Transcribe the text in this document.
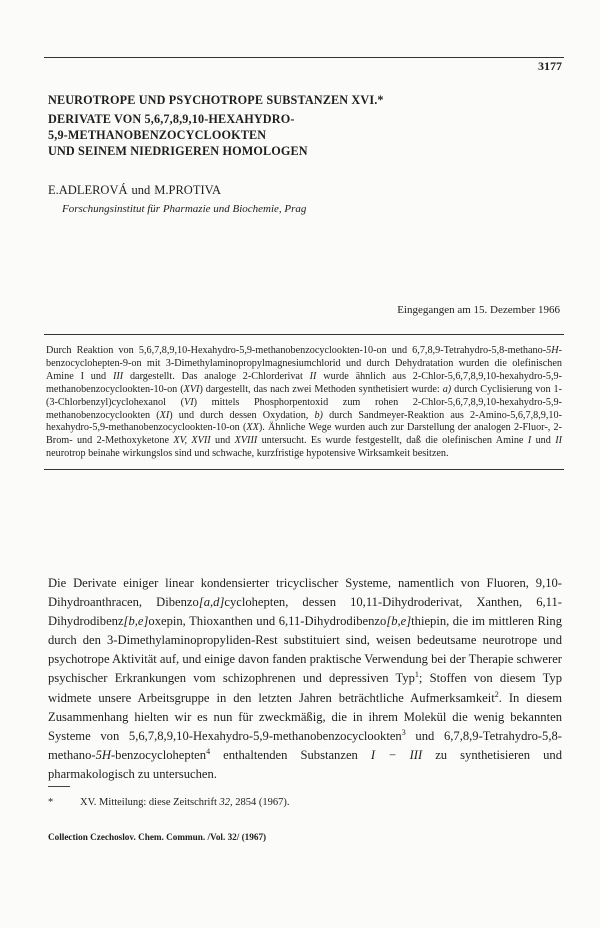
3177
NEUROTROPE UND PSYCHOTROPE SUBSTANZEN XVI.*
DERIVATE VON 5,6,7,8,9,10-HEXAHYDRO-
5,9-METHANOBENZOCYCLOOKTEN
UND SEINEM NIEDRIGEREN HOMOLOGEN
E.ADLEROVÁ und M.PROTIVA
Forschungsinstitut für Pharmazie und Biochemie, Prag
Eingegangen am 15. Dezember 1966

Durch Reaktion von 5,6,7,8,9,10-Hexahydro-5,9-methanobenzocyclookten-10-on und 6,7,8,9-Tetrahydro-5,8-methano-5H-benzocyclohepten-9-on mit 3-Dimethylaminopropylmagnesiumchlorid und durch Dehydratation wurden die olefinischen Amine I und III dargestellt. Das analoge 2-Chlorderivat II wurde ähnlich aus 2-Chlor-5,6,7,8,9,10-hexahydro-5,9-methanobenzocyclookten-10-on (XVI) dargestellt, das nach zwei Methoden synthetisiert wurde: a) durch Cyclisierung von 1-(3-Chlorbenzyl)cyclohexanol (VI) mittels Phosphorpentoxid zum rohen 2-Chlor-5,6,7,8,9,10-hexahydro-5,9-methanobenzocyclookten (XI) und durch dessen Oxydation, b) durch Sandmeyer-Reaktion aus 2-Amino-5,6,7,8,9,10-hexahydro-5,9-methanobenzocyclookten-10-on (XX). Ähnliche Wege wurden auch zur Darstellung der analogen 2-Fluor-, 2-Brom- und 2-Methoxyketone XV, XVII und XVIII untersucht. Es wurde festgestellt, daß die olefinischen Amine I und II neurotrop beinahe wirkungslos sind und schwache, kurzfristige hypotensive Wirksamkeit besitzen.

Die Derivate einiger linear kondensierter tricyclischer Systeme, namentlich von Fluoren, 9,10-Dihydroanthracen, Dibenzo[a,d]cyclohepten, dessen 10,11-Dihydroderivat, Xanthen, 6,11-Dihydrodibenz[b,e]oxepin, Thioxanthen und 6,11-Dihydrodibenzo[b,e]thiepin, die im mittleren Ring durch den 3-Dimethylaminopropyliden-Rest substituiert sind, weisen bedeutsame neurotrope und psychotrope Aktivität auf, und einige davon fanden praktische Verwendung bei der Therapie schwerer psychischer Erkrankungen vom schizophrenen und depressiven Typ$^1$; Stoffen von diesem Typ widmete unsere Arbeitsgruppe in den letzten Jahren beträchtliche Aufmerksamkeit$^2$. In diesem Zusammenhang hielten wir es nun für zweckmäßig, die in ihrem Molekül die wenig bekannten Systeme von 5,6,7,8,9,10-Hexahydro-5,9-methanobenzocyclookten$^3$ und 6,7,8,9-Tetrahydro-5,8-methano-5H-benzocyclohepten$^4$ enthaltenden Substanzen I − III zu synthetisieren und pharmakologisch zu untersuchen.

*	XV. Mitteilung: diese Zeitschrift 32, 2854 (1967).
Collection Czechoslov. Chem. Commun. /Vol. 32/ (1967)
